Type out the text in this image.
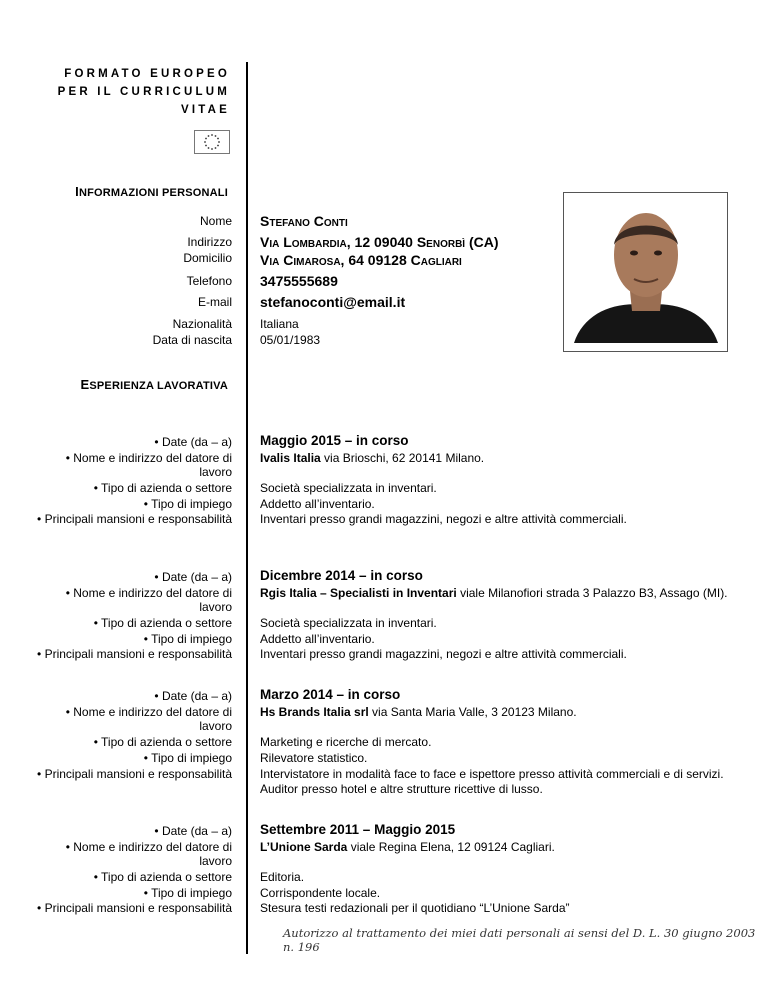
FORMATO EUROPEO
PER IL CURRICULUM
VITAE
INFORMAZIONI PERSONALI
Nome
Indirizzo
Domicilio
Telefono
E-mail
Nazionalità
Data di nascita
Stefano Conti
Via Lombardia, 12 09040 Senorbì (CA)
Via Cimarosa, 64 09128 Cagliari
3475555689
stefanoconti@email.it
Italiana
05/01/1983
ESPERIENZA LAVORATIVA
• Date (da – a)
• Nome e indirizzo del datore di
lavoro
• Tipo di azienda o settore
• Tipo di impiego
• Principali mansioni e responsabilità
Maggio 2015 – in corso
Ivalis Italia via Brioschi, 62 20141 Milano.
Società specializzata in inventari.
Addetto all’inventario.
Inventari presso grandi magazzini, negozi e altre attività commerciali.
• Date (da – a)
• Nome e indirizzo del datore di
lavoro
• Tipo di azienda o settore
• Tipo di impiego
• Principali mansioni e responsabilità
Dicembre 2014 – in corso
Rgis Italia – Specialisti in Inventari viale Milanofiori strada 3 Palazzo B3, Assago (MI).
Società specializzata in inventari.
Addetto all’inventario.
Inventari presso grandi magazzini, negozi e altre attività commerciali.
• Date (da – a)
• Nome e indirizzo del datore di
lavoro
• Tipo di azienda o settore
• Tipo di impiego
• Principali mansioni e responsabilità
Marzo 2014 – in corso
Hs Brands Italia srl via Santa Maria Valle, 3 20123 Milano.
Marketing e ricerche di mercato.
Rilevatore statistico.
Intervistatore in modalità face to face e ispettore presso attività commerciali e di servizi.
Auditor presso hotel e altre strutture ricettive di lusso.
• Date (da – a)
• Nome e indirizzo del datore di
lavoro
• Tipo di azienda o settore
• Tipo di impiego
• Principali mansioni e responsabilità
Settembre 2011 – Maggio 2015
L’Unione Sarda viale Regina Elena, 12 09124 Cagliari.
Editoria.
Corrispondente locale.
Stesura testi redazionali per il quotidiano “L’Unione Sarda”
Autorizzo al trattamento dei miei dati personali ai sensi del D. L. 30 giugno 2003 n. 196
